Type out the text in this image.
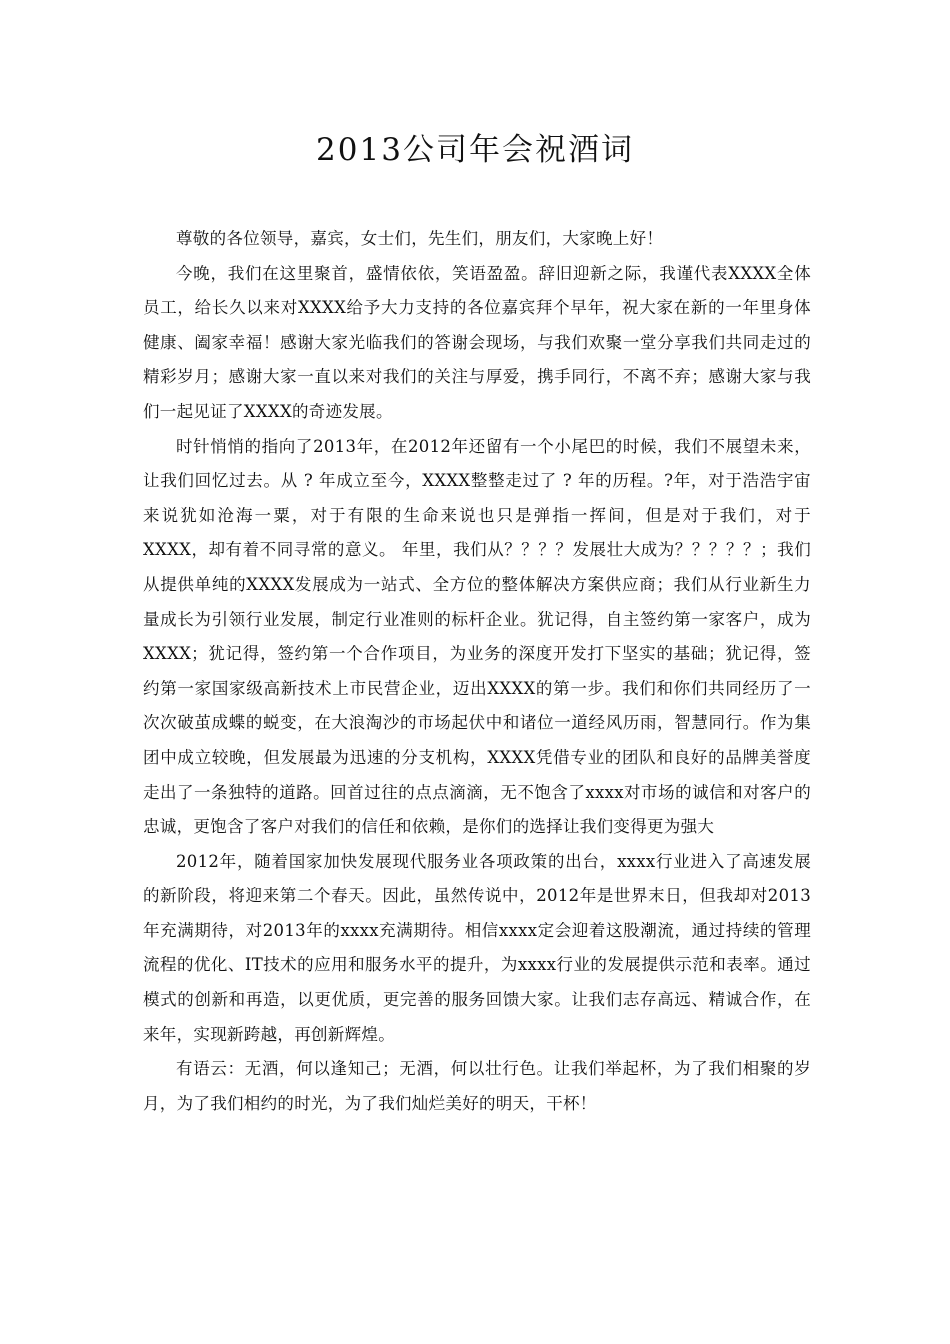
2013公司年会祝酒词

尊敬的各位领导，嘉宾，女士们，先生们，朋友们，大家晚上好！

今晚，我们在这里聚首，盛情依依，笑语盈盈。辞旧迎新之际，我谨代表XXXX全体员工，给长久以来对XXXX给予大力支持的各位嘉宾拜个早年，祝大家在新的一年里身体健康、阖家幸福！感谢大家光临我们的答谢会现场，与我们欢聚一堂分享我们共同走过的精彩岁月；感谢大家一直以来对我们的关注与厚爱，携手同行，不离不弃；感谢大家与我们一起见证了XXXX的奇迹发展。

时针悄悄的指向了2013年，在2012年还留有一个小尾巴的时候，我们不展望未来，让我们回忆过去。从 ? 年成立至今，XXXX整整走过了 ? 年的历程。?年，对于浩浩宇宙来说犹如沧海一粟，对于有限的生命来说也只是弹指一挥间，但是对于我们，对于XXXX，却有着不同寻常的意义。 年里，我们从？？？？发展壮大成为？？？？？；我们从提供单纯的XXXX发展成为一站式、全方位的整体解决方案供应商；我们从行业新生力量成长为引领行业发展，制定行业准则的标杆企业。犹记得，自主签约第一家客户，成为XXXX；犹记得，签约第一个合作项目，为业务的深度开发打下坚实的基础；犹记得，签约第一家国家级高新技术上市民营企业，迈出XXXX的第一步。我们和你们共同经历了一次次破茧成蝶的蜕变，在大浪淘沙的市场起伏中和诸位一道经风历雨，智慧同行。作为集团中成立较晚，但发展最为迅速的分支机构，XXXX凭借专业的团队和良好的品牌美誉度走出了一条独特的道路。回首过往的点点滴滴，无不饱含了xxxx对市场的诚信和对客户的忠诚，更饱含了客户对我们的信任和依赖，是你们的选择让我们变得更为强大

2012年，随着国家加快发展现代服务业各项政策的出台，xxxx行业进入了高速发展的新阶段，将迎来第二个春天。因此，虽然传说中，2012年是世界末日，但我却对2013年充满期待，对2013年的xxxx充满期待。相信xxxx定会迎着这股潮流，通过持续的管理流程的优化、IT技术的应用和服务水平的提升，为xxxx行业的发展提供示范和表率。通过模式的创新和再造，以更优质，更完善的服务回馈大家。让我们志存高远、精诚合作，在来年，实现新跨越，再创新辉煌。

有语云：无酒，何以逢知己；无酒，何以壮行色。让我们举起杯，为了我们相聚的岁月，为了我们相约的时光，为了我们灿烂美好的明天，干杯！
